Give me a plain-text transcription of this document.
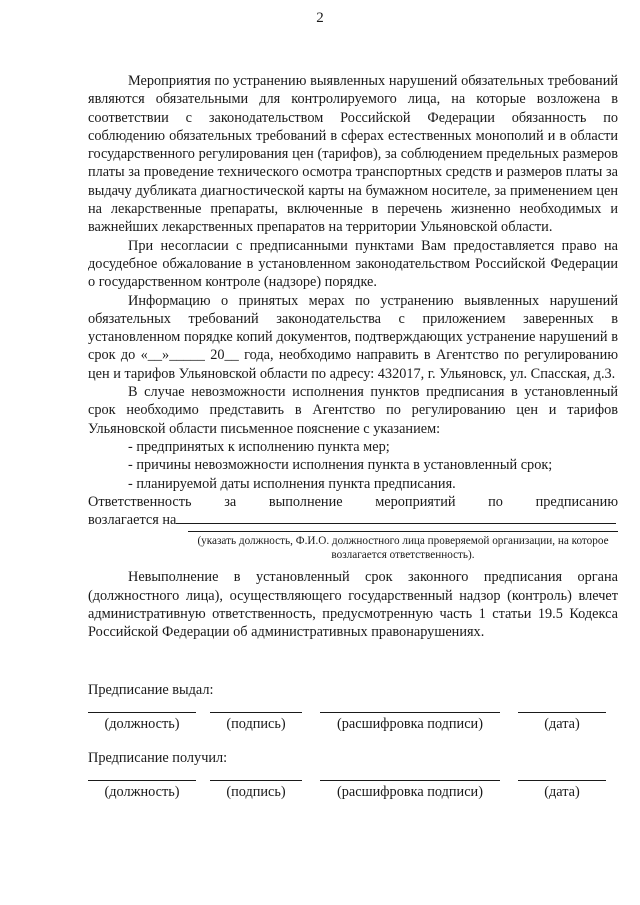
2

Мероприятия по устранению выявленных нарушений обязательных требований являются обязательными для контролируемого лица, на которые возложена в соответствии с законодательством Российской Федерации обязанность по соблюдению обязательных требований в сферах естественных монополий и в области государственного регулирования цен (тарифов), за соблюдением предельных размеров платы за проведение технического осмотра транспортных средств и размеров платы за выдачу дубликата диагностической карты на бумажном носителе, за применением цен на лекарственные препараты, включенные в перечень жизненно необходимых и важнейших лекарственных препаратов на территории Ульяновской области.

При несогласии с предписанными пунктами Вам предоставляется право на досудебное обжалование в установленном законодательством Российской Федерации о государственном контроле (надзоре) порядке.

Информацию о принятых мерах по устранению выявленных нарушений обязательных требований законодательства с приложением заверенных в установленном порядке копий документов, подтверждающих устранение нарушений в срок до «__»_____ 20__ года, необходимо направить в Агентство по регулированию цен и тарифов Ульяновской области по адресу: 432017, г. Ульяновск, ул. Спасская, д.3.

В случае невозможности исполнения пунктов предписания в установленный срок необходимо представить в Агентство по регулированию цен и тарифов Ульяновской области письменное пояснение с указанием:

- предпринятых к исполнению пункта мер;
- причины невозможности исполнения пункта в установленный срок;
- планируемой даты исполнения пункта предписания.
Ответственность за выполнение мероприятий по предписанию
возлагается на
(указать должность, Ф.И.О. должностного лица проверяемой организации, на которое возлагается ответственность).

Невыполнение в установленный срок законного предписания органа (должностного лица), осуществляющего государственный надзор (контроль) влечет административную ответственность, предусмотренную часть 1 статьи 19.5 Кодекса Российской Федерации об административных правонарушениях.

Предписание выдал:
(должность)	(подпись)	(расшифровка подписи)	(дата)
Предписание получил:
(должность)	(подпись)	(расшифровка подписи)	(дата)
